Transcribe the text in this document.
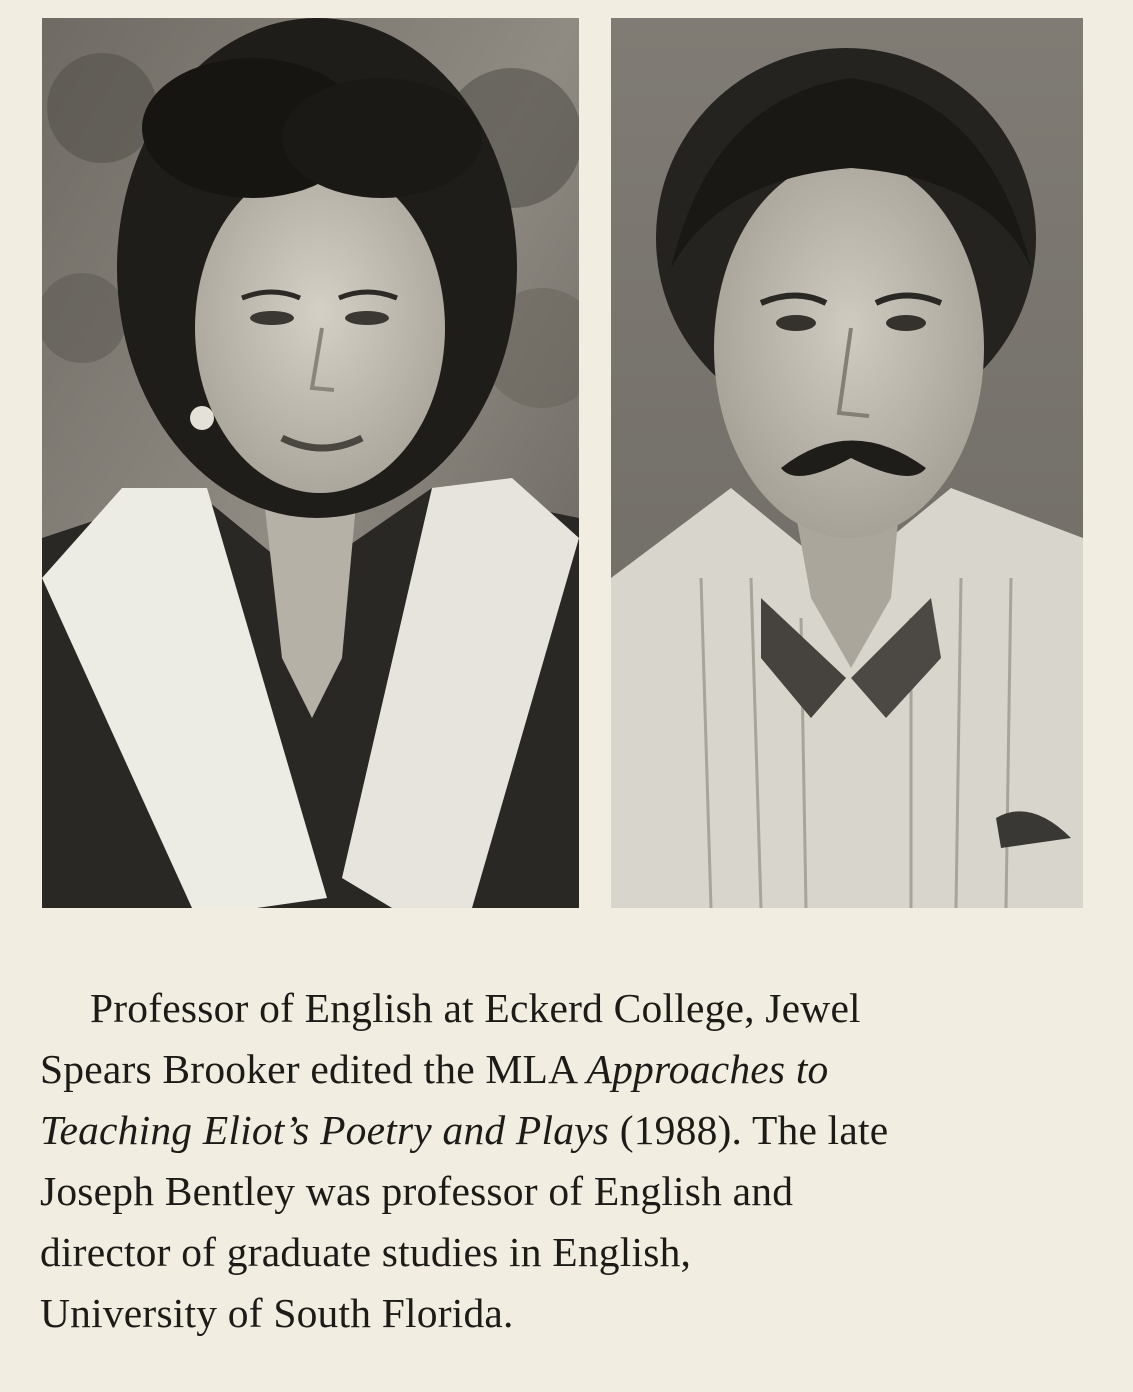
Professor of English at Eckerd College, Jewel
Spears Brooker edited the MLA Approaches to
Teaching Eliot’s Poetry and Plays (1988). The late
Joseph Bentley was professor of English and
director of graduate studies in English,
University of South Florida.
